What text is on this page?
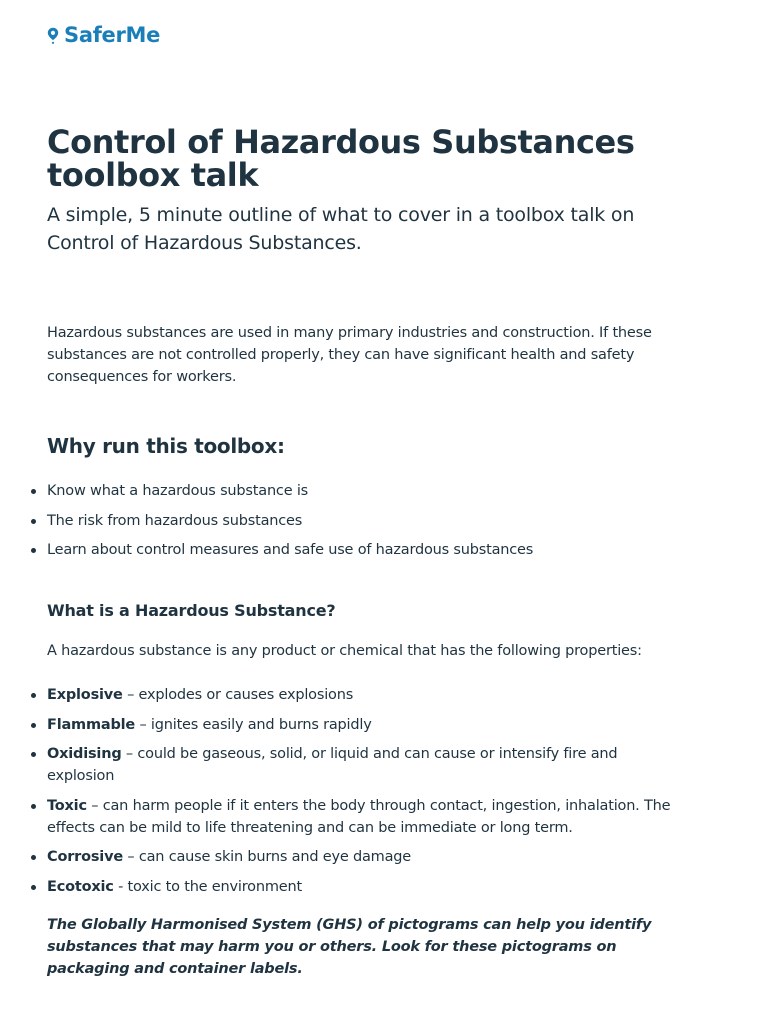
SaferMe
Control of Hazardous Substances toolbox talk

A simple, 5 minute outline of what to cover in a toolbox talk on Control of Hazardous Substances.

Hazardous substances are used in many primary industries and construction. If these substances are not controlled properly, they can have significant health and safety consequences for workers.

Why run this toolbox:
Know what a hazardous substance is
The risk from hazardous substances
Learn about control measures and safe use of hazardous substances
What is a Hazardous Substance?

A hazardous substance is any product or chemical that has the following properties:

Explosive – explodes or causes explosions
Flammable – ignites easily and burns rapidly
Oxidising – could be gaseous, solid, or liquid and can cause or intensify fire and explosion
Toxic – can harm people if it enters the body through contact, ingestion, inhalation. The effects can be mild to life threatening and can be immediate or long term.
Corrosive – can cause skin burns and eye damage
Ecotoxic - toxic to the environment

The Globally Harmonised System (GHS) of pictograms can help you identify substances that may harm you or others. Look for these pictograms on packaging and container labels.
